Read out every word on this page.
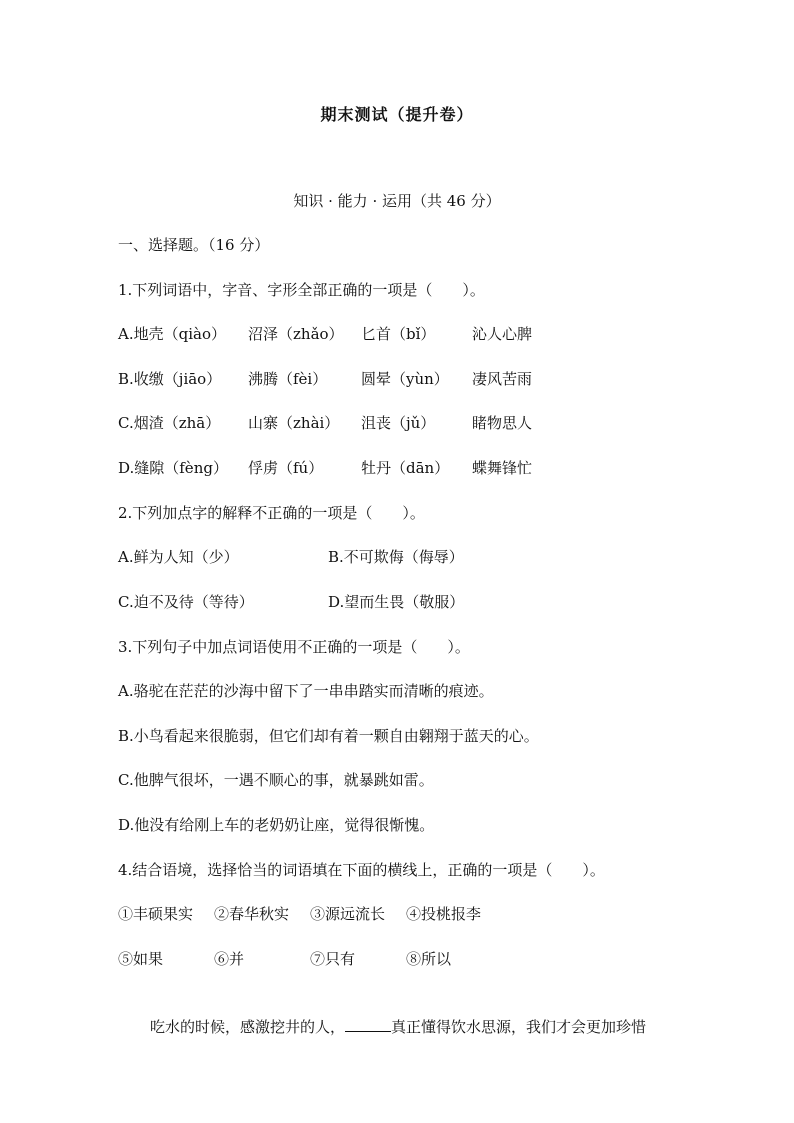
期末测试（提升卷）
知识 · 能力 · 运用（共 46 分）
一、选择题。（16 分）
1.下列词语中，字音、字形全部正确的一项是（　　）。
A.地壳（qiào） 沼泽（zhǎo） 匕首（bǐ） 沁人心脾
B.收缴（jiāo） 沸腾（fèi） 圆晕（yùn） 凄风苦雨
C.烟渣（zhā） 山寨（zhài） 沮丧（jǔ） 睹物思人
D.缝隙（fèng） 俘虏（fú）	牡丹（dān） 蝶舞锋忙
2.下列加点字的解释不正确的一项是（　　）。
A.鲜为人知（少）	B.不可欺侮（侮辱）
C.迫不及待（等待）	D.望而生畏（敬服）
3.下列句子中加点词语使用不正确的一项是（　　）。
A.骆驼在茫茫的沙海中留下了一串串踏实而清晰的痕迹。
B.小鸟看起来很脆弱，但它们却有着一颗自由翱翔于蓝天的心。
C.他脾气很坏，一遇不顺心的事，就暴跳如雷。
D.他没有给刚上车的老奶奶让座，觉得很惭愧。
4.结合语境，选择恰当的词语填在下面的横线上，正确的一项是（　　）。
①丰硕果实 ②春华秋实 ③源远流长 ④投桃报李
⑤如果	⑥并	⑦只有	⑧所以
吃水的时候，感激挖井的人，	真正懂得饮水思源，我们才会更加珍惜
